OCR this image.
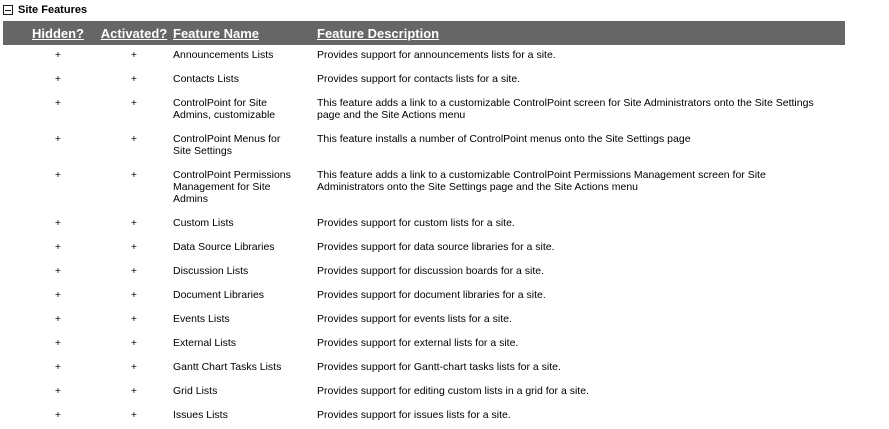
Site Features
Hidden?	Activated?	Feature Name	Feature Description
+	+	Announcements Lists	Provides support for announcements lists for a site.
+	+	Contacts Lists	Provides support for contacts lists for a site.
+	+	ControlPoint for Site Admins, customizable	This feature adds a link to a customizable ControlPoint screen for Site Administrators onto the Site Settings page and the Site Actions menu
+	+	ControlPoint Menus for Site Settings	This feature installs a number of ControlPoint menus onto the Site Settings page
+	+	ControlPoint Permissions Management for Site Admins	This feature adds a link to a customizable ControlPoint Permissions Management screen for Site Administrators onto the Site Settings page and the Site Actions menu
+	+	Custom Lists	Provides support for custom lists for a site.
+	+	Data Source Libraries	Provides support for data source libraries for a site.
+	+	Discussion Lists	Provides support for discussion boards for a site.
+	+	Document Libraries	Provides support for document libraries for a site.
+	+	Events Lists	Provides support for events lists for a site.
+	+	External Lists	Provides support for external lists for a site.
+	+	Gantt Chart Tasks Lists	Provides support for Gantt-chart tasks lists for a site.
+	+	Grid Lists	Provides support for editing custom lists in a grid for a site.
+	+	Issues Lists	Provides support for issues lists for a site.
